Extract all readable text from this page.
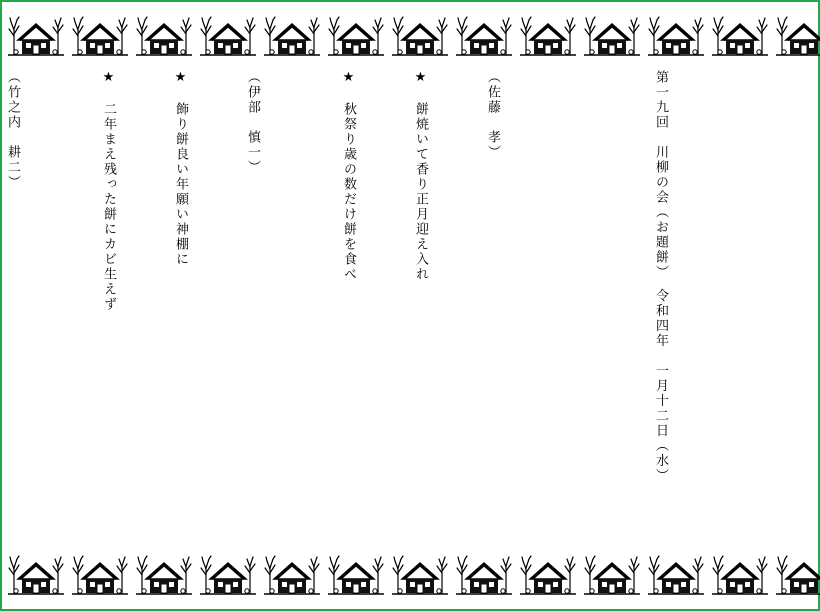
第一九回　川柳の会（お題餅）　令和四年　一月十二日（水）

（佐藤　孝）

★　餅焼いて香り正月迎え入れ

★　秋祭り歳の数だけ餅を食べ

（伊部　慎一）

★　飾り餅良い年願い神棚に

★　二年まえ残った餅にカビ生えず

（竹之内　耕二）
